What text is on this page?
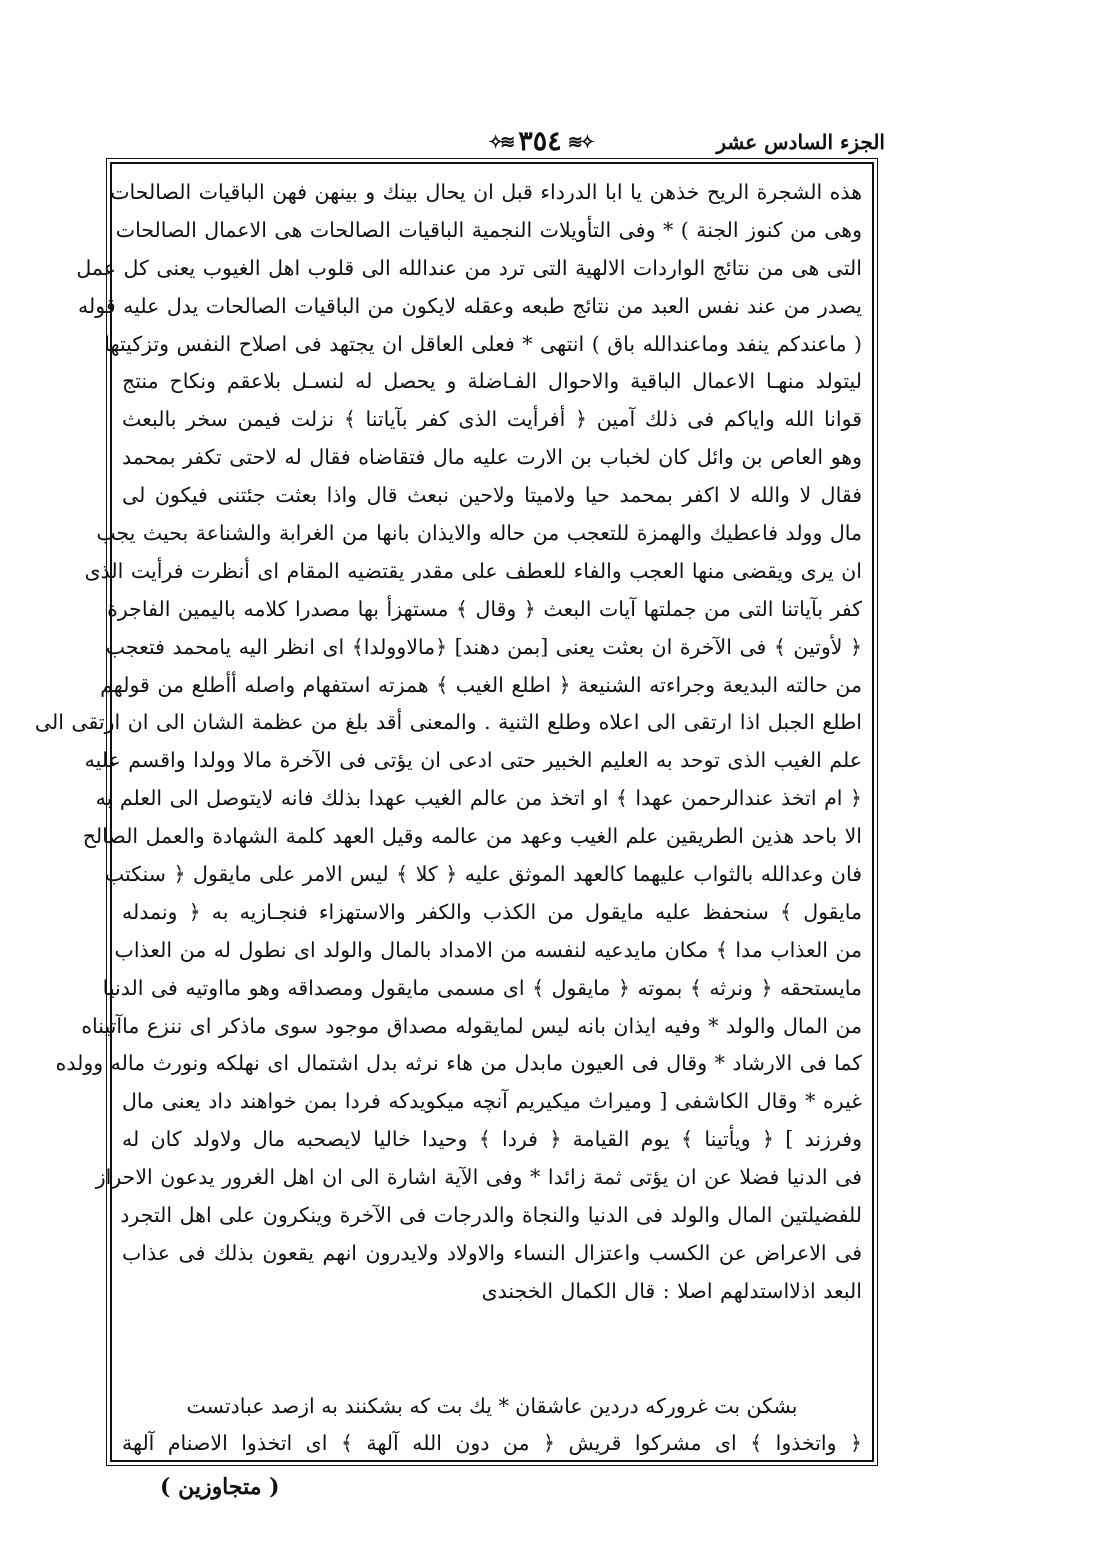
✧≋٣٥٤≋✧	الجزء السادس عشر
هذه الشجرة الريح خذهن يا ابا الدرداء قبل ان يحال بينك و بينهن فهن الباقيات الصالحات
وهى من كنوز الجنة ) * وفى التأويلات النجمية الباقيات الصالحات هى الاعمال الصالحات
التى هى من نتائج الواردات الالهية التى ترد من عندالله الى قلوب اهل الغيوب يعنى كل عمل
يصدر من عند نفس العبد من نتائج طبعه وعقله لايكون من الباقيات الصالحات يدل عليه قوله
( ماعندكم ينفد وماعندالله باق ) انتهى * فعلى العاقل ان يجتهد فى اصلاح النفس وتزكيتها
ليتولد منهـا الاعمال الباقية والاحوال الفـاضلة و يحصل له لنسـل بلاعقم ونكاح منتج
قوانا الله واياكم فى ذلك آمين ﴿ أفرأيت الذى كفر بآياتنا ﴾ نزلت فيمن سخر بالبعث
وهو العاص بن وائل كان لخباب بن الارت عليه مال فتقاضاه فقال له لاحتى تكفر بمحمد
فقال لا والله لا اكفر بمحمد حيا ولاميتا ولاحين نبعث قال واذا بعثت جئتنى فيكون لى
مال وولد فاعطيك والهمزة للتعجب من حاله والايذان بانها من الغرابة والشناعة بحيث يجب
ان يرى ويقضى منها العجب والفاء للعطف على مقدر يقتضيه المقام اى أنظرت فرأيت الذى
كفر بآياتنا التى من جملتها آيات البعث ﴿ وقال ﴾ مستهزأ بها مصدرا كلامه باليمين الفاجرة
﴿ لأوتين ﴾ فى الآخرة ان بعثت يعنى [بمن دهند] ﴿مالاوولدا﴾ اى انظر اليه يامحمد فتعجب
من حالته البديعة وجراءته الشنيعة ﴿ اطلع الغيب ﴾ همزته استفهام واصله أأطلع من قولهم
اطلع الجبل اذا ارتقى الى اعلاه وطلع الثنية . والمعنى أقد بلغ من عظمة الشان الى ان ارتقى الى
علم الغيب الذى توحد به العليم الخبير حتى ادعى ان يؤتى فى الآخرة مالا وولدا واقسم عليه
﴿ ام اتخذ عندالرحمن عهدا ﴾ او اتخذ من عالم الغيب عهدا بذلك فانه لايتوصل الى العلم به
الا باحد هذين الطريقين علم الغيب وعهد من عالمه وقيل العهد كلمة الشهادة والعمل الصالح
فان وعدالله بالثواب عليهما كالعهد الموثق عليه ﴿ كلا ﴾ ليس الامر على مايقول ﴿ سنكتب
مايقول ﴾ سنحفظ عليه مايقول من الكذب والكفر والاستهزاء فنجـازيه به ﴿ ونمدله
من العذاب مدا ﴾ مكان مايدعيه لنفسه من الامداد بالمال والولد اى نطول له من العذاب
مايستحقه ﴿ ونرثه ﴾ بموته ﴿ مايقول ﴾ اى مسمى مايقول ومصداقه وهو مااوتيه فى الدنيا
من المال والولد * وفيه ايذان بانه ليس لمايقوله مصداق موجود سوى ماذكر اى ننزع ماآتيناه
كما فى الارشاد * وقال فى العيون مابدل من هاء نرثه بدل اشتمال اى نهلكه ونورث ماله وولده
غيره * وقال الكاشفى [ وميراث ميكيريم آنچه ميكويدكه فردا بمن خواهند داد يعنى مال
وفرزند ] ﴿ ويأتينا ﴾ يوم القيامة ﴿ فردا ﴾ وحيدا خاليا لايصحبه مال ولاولد كان له
فى الدنيا فضلا عن ان يؤتى ثمة زائدا * وفى الآية اشارة الى ان اهل الغرور يدعون الاحراز
للفضيلتين المال والولد فى الدنيا والنجاة والدرجات فى الآخرة وينكرون على اهل التجرد
فى الاعراض عن الكسب واعتزال النساء والاولاد ولايدرون انهم يقعون بذلك فى عذاب
البعد اذلااستدلهم اصلا : قال الكمال الخجندى
بشكن بت غروركه دردين عاشقان * يك بت كه بشكنند به ازصد عبادتست
﴿ واتخذوا ﴾ اى مشركوا قريش ﴿ من دون الله آلهة ﴾ اى اتخذوا الاصنام آلهة
( متجاوزين )
